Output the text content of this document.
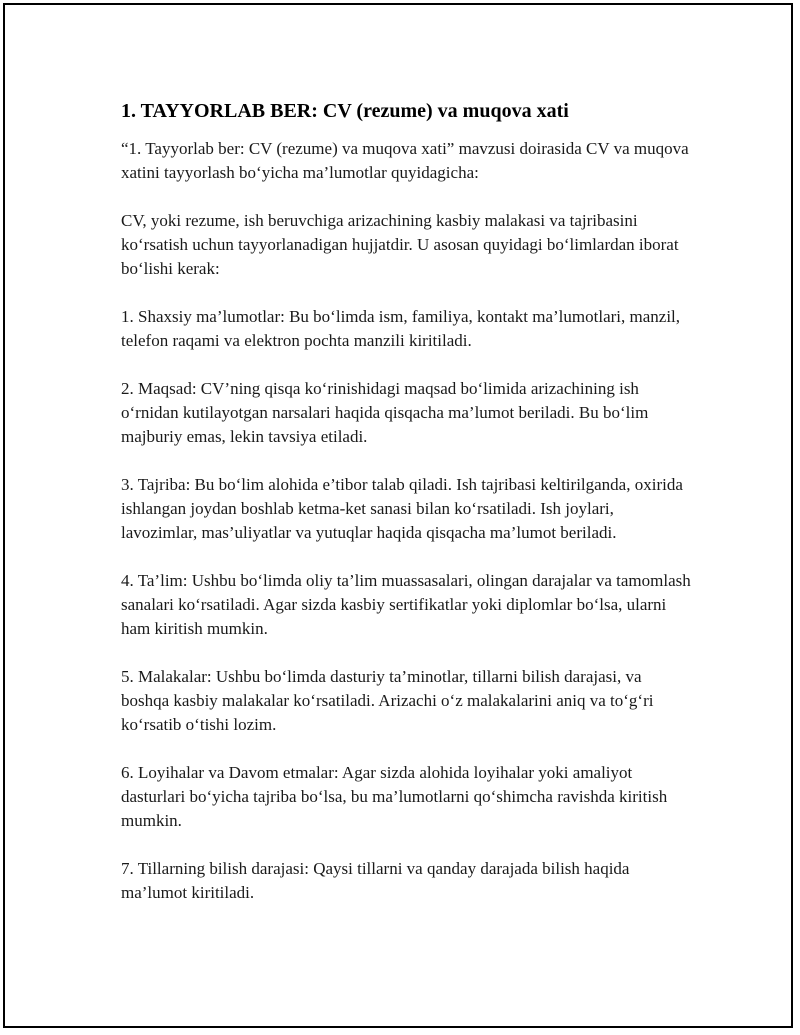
1. TAYYORLAB BER: CV (rezume) va muqova xati

“1. Tayyorlab ber: CV (rezume) va muqova xati” mavzusi doirasida CV va muqova xatini tayyorlash bo‘yicha ma’lumotlar quyidagicha:

CV, yoki rezume, ish beruvchiga arizachining kasbiy malakasi va tajribasini ko‘rsatish uchun tayyorlanadigan hujjatdir. U asosan quyidagi bo‘limlardan iborat bo‘lishi kerak:

1. Shaxsiy ma’lumotlar: Bu bo‘limda ism, familiya, kontakt ma’lumotlari, manzil, telefon raqami va elektron pochta manzili kiritiladi.

2. Maqsad: CV’ning qisqa ko‘rinishidagi maqsad bo‘limida arizachining ish o‘rnidan kutilayotgan narsalari haqida qisqacha ma’lumot beriladi. Bu bo‘lim majburiy emas, lekin tavsiya etiladi.

3. Tajriba: Bu bo‘lim alohida e’tibor talab qiladi. Ish tajribasi keltirilganda, oxirida ishlangan joydan boshlab ketma-ket sanasi bilan ko‘rsatiladi. Ish joylari, lavozimlar, mas’uliyatlar va yutuqlar haqida qisqacha ma’lumot beriladi.

4. Ta’lim: Ushbu bo‘limda oliy ta’lim muassasalari, olingan darajalar va tamomlash sanalari ko‘rsatiladi. Agar sizda kasbiy sertifikatlar yoki diplomlar bo‘lsa, ularni ham kiritish mumkin.

5. Malakalar: Ushbu bo‘limda dasturiy ta’minotlar, tillarni bilish darajasi, va boshqa kasbiy malakalar ko‘rsatiladi. Arizachi o‘z malakalarini aniq va to‘g‘ri ko‘rsatib o‘tishi lozim.

6. Loyihalar va Davom etmalar: Agar sizda alohida loyihalar yoki amaliyot dasturlari bo‘yicha tajriba bo‘lsa, bu ma’lumotlarni qo‘shimcha ravishda kiritish mumkin.

7. Tillarning bilish darajasi: Qaysi tillarni va qanday darajada bilish haqida ma’lumot kiritiladi.
